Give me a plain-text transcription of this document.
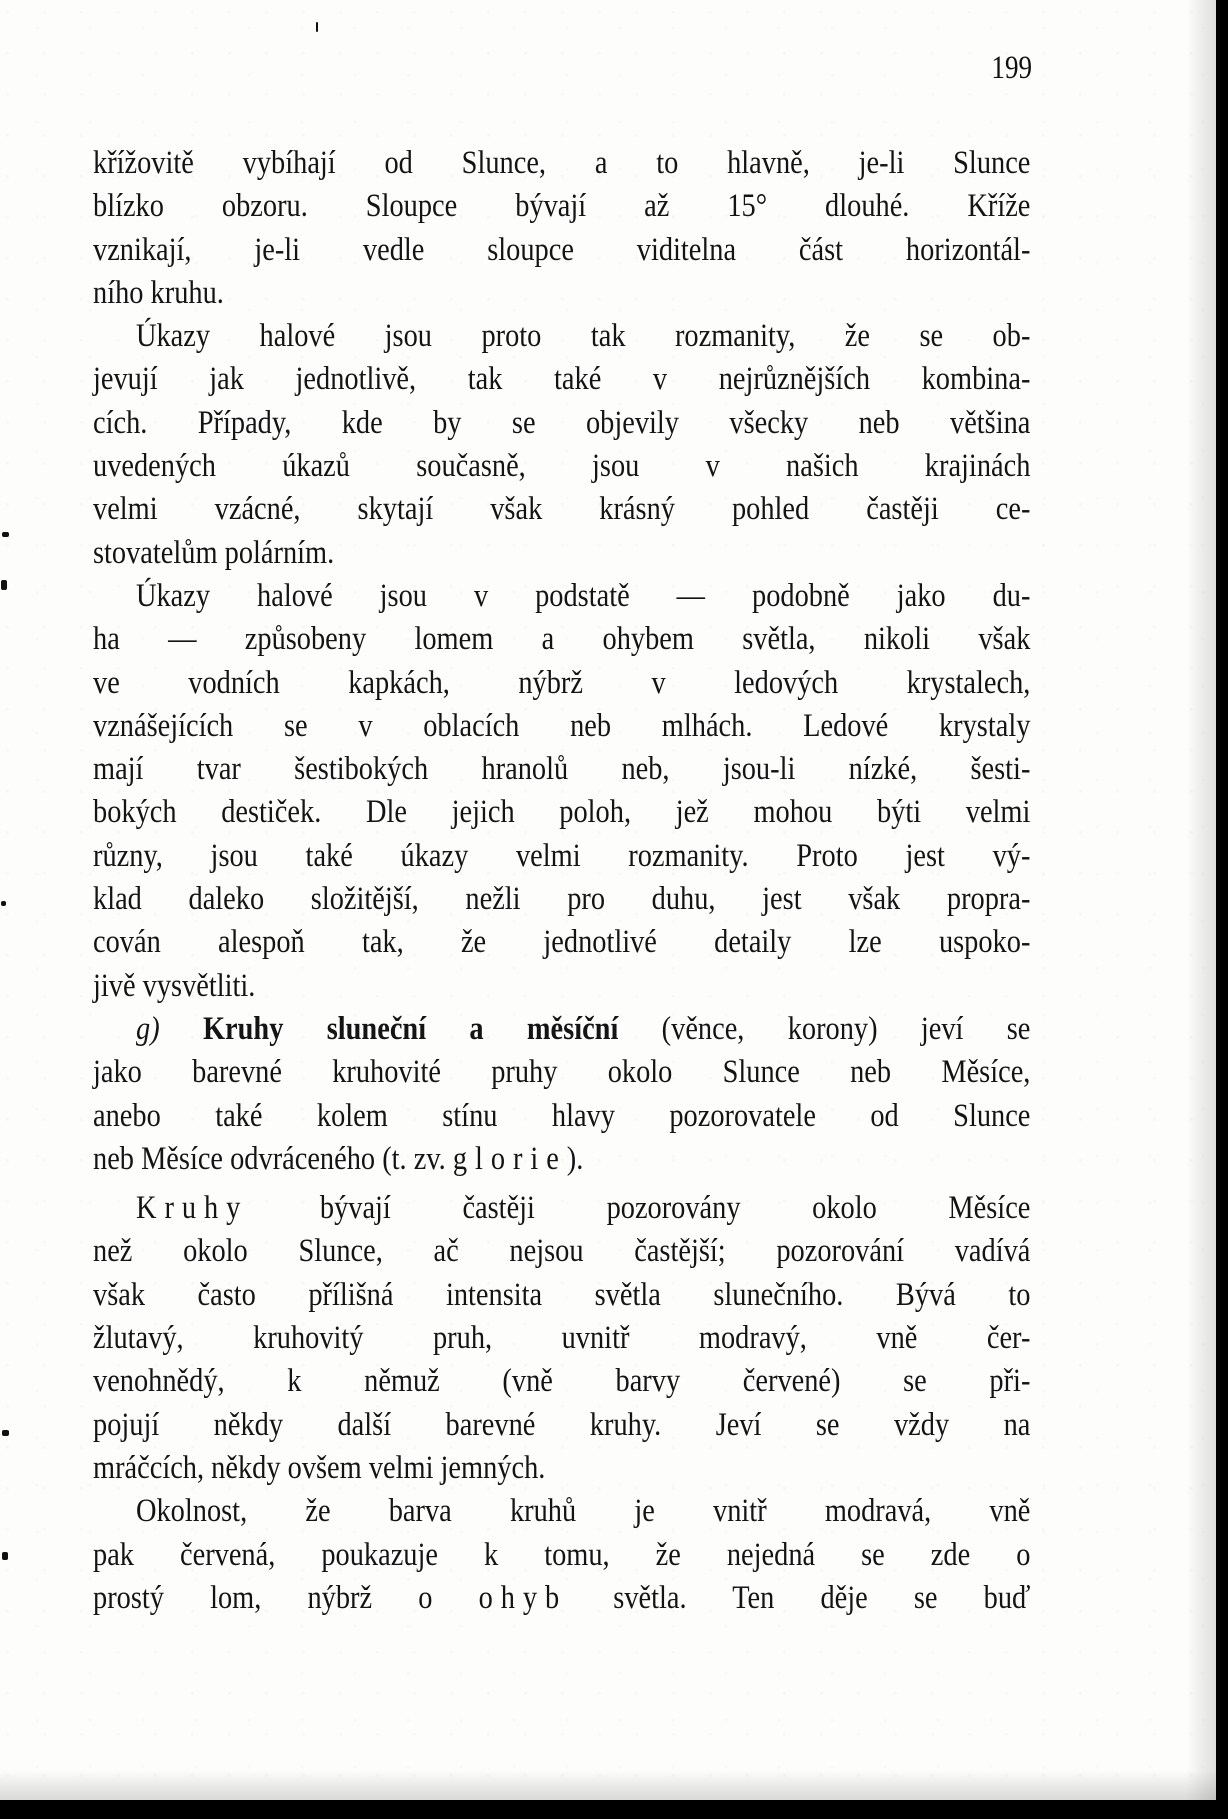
199
křížovitě vybíhají od Slunce, a to hlavně, je-li Slunce
blízko obzoru. Sloupce bývají až 15° dlouhé. Kříže
vznikají, je-li vedle sloupce viditelna část horizontál-
ního kruhu.
Úkazy halové jsou proto tak rozmanity, že se ob-
jevují jak jednotlivě, tak také v nejrůznějších kombina-
cích. Případy, kde by se objevily všecky neb většina
uvedených úkazů současně, jsou v našich krajinách
velmi vzácné, skytají však krásný pohled častěji ce-
stovatelům polárním.
Úkazy halové jsou v podstatě — podobně jako du-
ha — způsobeny lomem a ohybem světla, nikoli však
ve vodních kapkách, nýbrž v ledových krystalech,
vznášejících se v oblacích neb mlhách. Ledové krystaly
mají tvar šestibokých hranolů neb, jsou-li nízké, šesti-
bokých destiček. Dle jejich poloh, jež mohou býti velmi
různy, jsou také úkazy velmi rozmanity. Proto jest vý-
klad daleko složitější, nežli pro duhu, jest však propra-
cován alespoň tak, že jednotlivé detaily lze uspoko-
jivě vysvětliti.
g) Kruhy sluneční a měsíční (věnce, korony) jeví se
jako barevné kruhovité pruhy okolo Slunce neb Měsíce,
anebo také kolem stínu hlavy pozorovatele od Slunce
neb Měsíce odvráceného (t. zv. glorie).
Kruhy bývají častěji pozorovány okolo Měsíce
než okolo Slunce, ač nejsou častější; pozorování vadívá
však často přílišná intensita světla slunečního. Bývá to
žlutavý, kruhovitý pruh, uvnitř modravý, vně čer-
venohnědý, k němuž (vně barvy červené) se při-
pojují někdy další barevné kruhy. Jeví se vždy na
mráčcích, někdy ovšem velmi jemných.
Okolnost, že barva kruhů je vnitř modravá, vně
pak červená, poukazuje k tomu, že nejedná se zde o
prostý lom, nýbrž o ohyb světla. Ten děje se buď
